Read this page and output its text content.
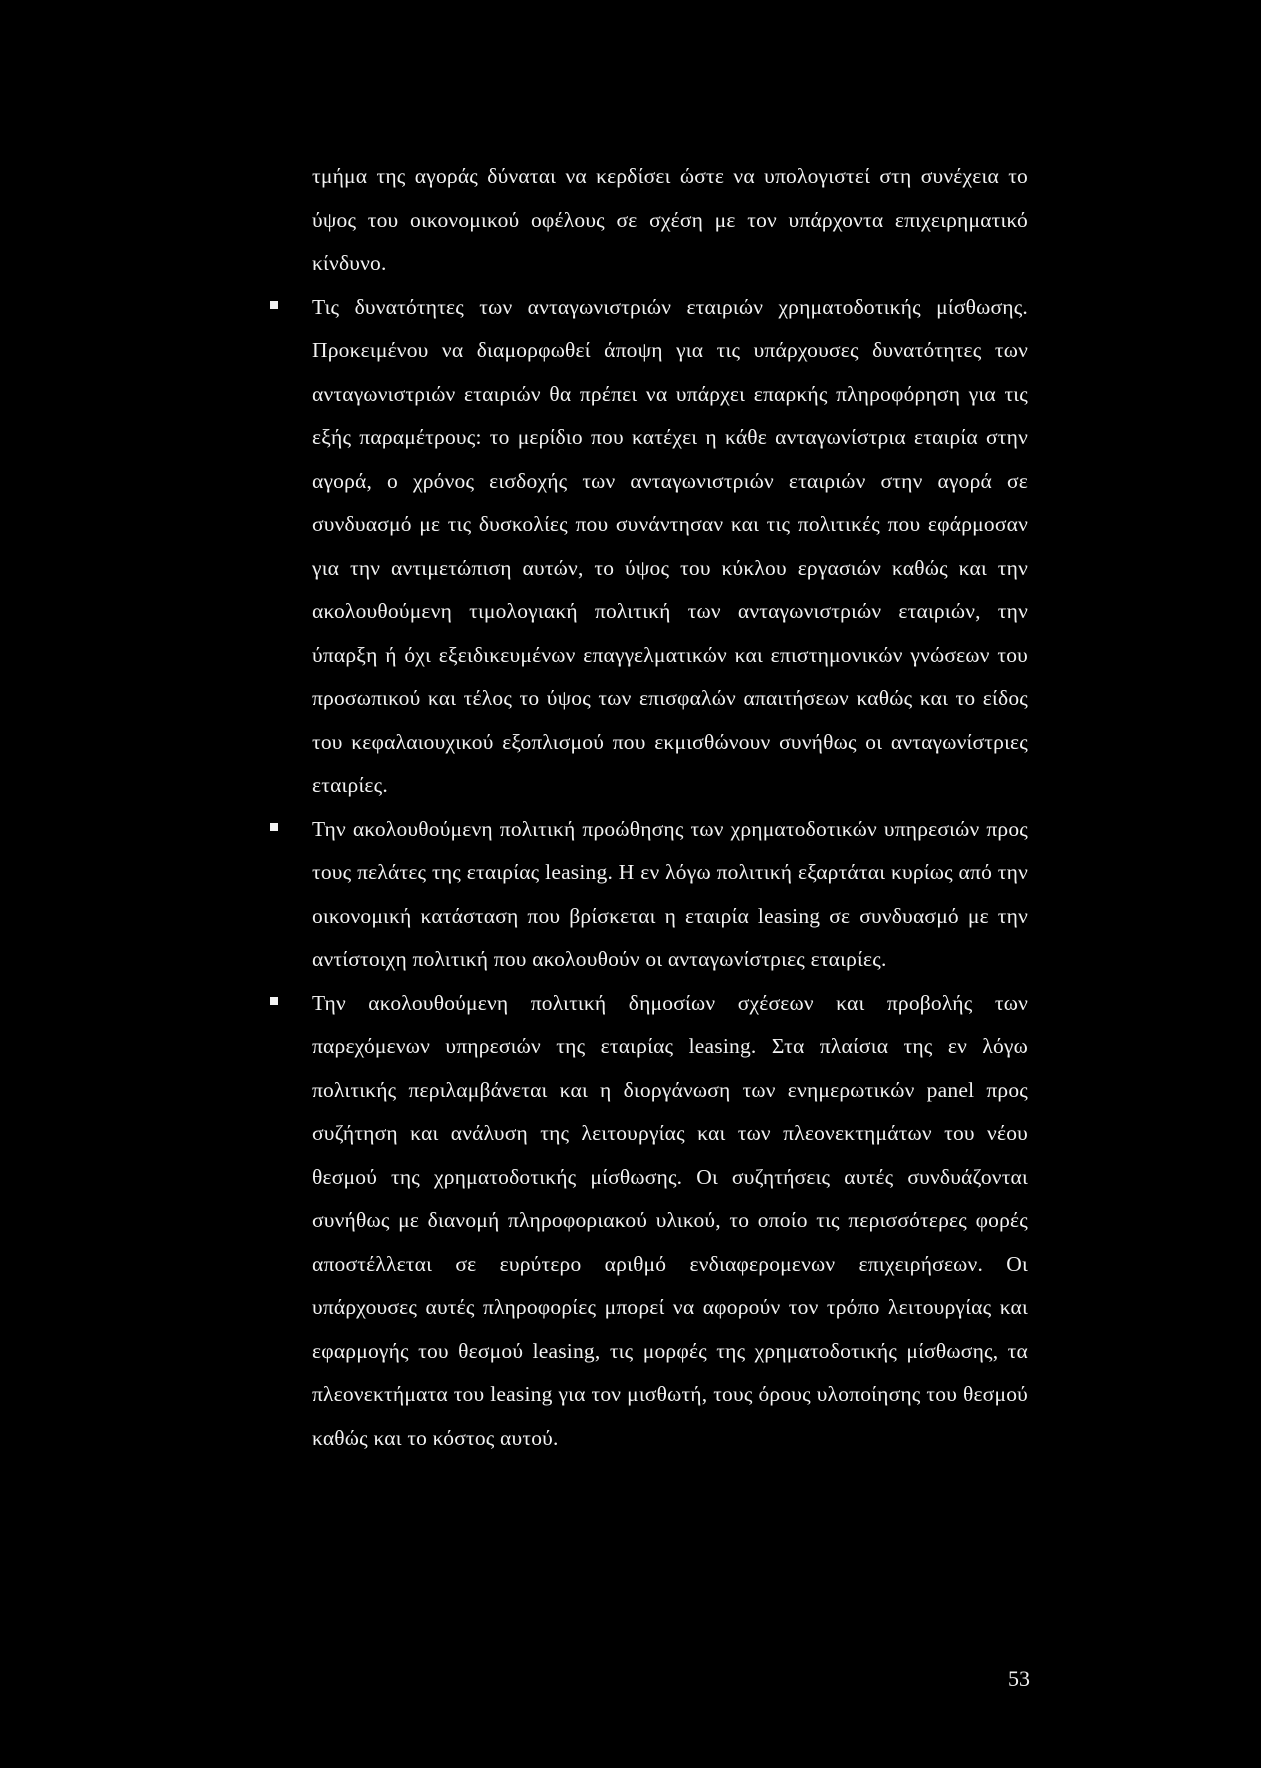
τμήμα της αγοράς δύναται να κερδίσει ώστε να υπολογιστεί στη συνέχεια το ύψος του οικονομικού οφέλους σε σχέση με τον υπάρχοντα επιχειρηματικό κίνδυνο.

Τις δυνατότητες των ανταγωνιστριών εταιριών χρηματοδοτικής μίσθωσης. Προκειμένου να διαμορφωθεί άποψη για τις υπάρχουσες δυνατότητες των ανταγωνιστριών εταιριών θα πρέπει να υπάρχει επαρκής πληροφόρηση για τις εξής παραμέτρους: το μερίδιο που κατέχει η κάθε ανταγωνίστρια εταιρία στην αγορά, ο χρόνος εισδοχής των ανταγωνιστριών εταιριών στην αγορά σε συνδυασμό με τις δυσκολίες που συνάντησαν και τις πολιτικές που εφάρμοσαν για την αντιμετώπιση αυτών, το ύψος του κύκλου εργασιών καθώς και την ακολουθούμενη τιμολογιακή πολιτική των ανταγωνιστριών εταιριών, την ύπαρξη ή όχι εξειδικευμένων επαγγελματικών και επιστημονικών γνώσεων του προσωπικού και τέλος το ύψος των επισφαλών απαιτήσεων καθώς και το είδος του κεφαλαιουχικού εξοπλισμού που εκμισθώνουν συνήθως οι ανταγωνίστριες εταιρίες.

Την ακολουθούμενη πολιτική προώθησης των χρηματοδοτικών υπηρεσιών προς τους πελάτες της εταιρίας leasing. Η εν λόγω πολιτική εξαρτάται κυρίως από την οικονομική κατάσταση που βρίσκεται η εταιρία leasing σε συνδυασμό με την αντίστοιχη πολιτική που ακολουθούν οι ανταγωνίστριες εταιρίες.

Την ακολουθούμενη πολιτική δημοσίων σχέσεων και προβολής των παρεχόμενων υπηρεσιών της εταιρίας leasing. Στα πλαίσια της εν λόγω πολιτικής περιλαμβάνεται και η διοργάνωση των ενημερωτικών panel προς συζήτηση και ανάλυση της λειτουργίας και των πλεονεκτημάτων του νέου θεσμού της χρηματοδοτικής μίσθωσης. Οι συζητήσεις αυτές συνδυάζονται συνήθως με διανομή πληροφοριακού υλικού, το οποίο τις περισσότερες φορές αποστέλλεται σε ευρύτερο αριθμό ενδιαφερομενων επιχειρήσεων. Οι υπάρχουσες αυτές πληροφορίες μπορεί να αφορούν τον τρόπο λειτουργίας και εφαρμογής του θεσμού leasing, τις μορφές της χρηματοδοτικής μίσθωσης, τα πλεονεκτήματα του leasing για τον μισθωτή, τους όρους υλοποίησης του θεσμού καθώς και το κόστος αυτού.

53
